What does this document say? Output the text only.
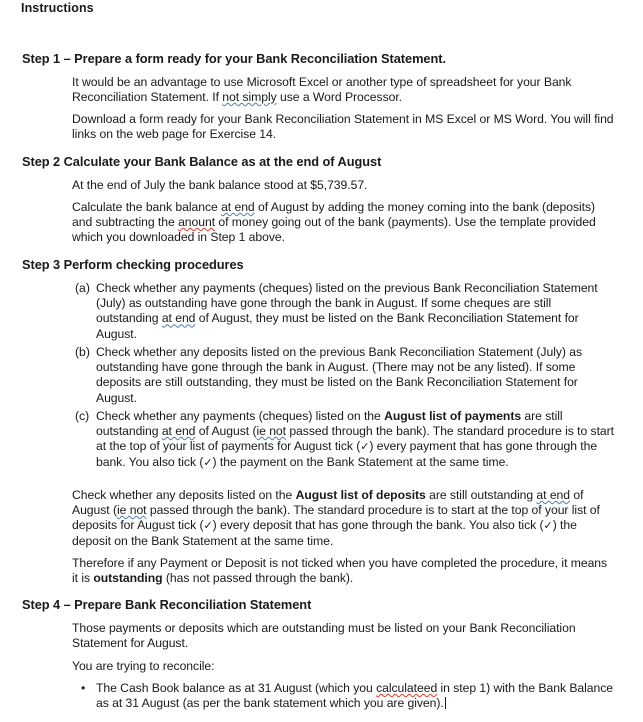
Instructions
Step 1 – Prepare a form ready for your Bank Reconciliation Statement.
It would be an advantage to use Microsoft Excel or another type of spreadsheet for your Bank Reconciliation Statement. If not simply use a Word Processor.
Download a form ready for your Bank Reconciliation Statement in MS Excel or MS Word. You will find links on the web page for Exercise 14.
Step 2 Calculate your Bank Balance as at the end of August
At the end of July the bank balance stood at $5,739.57.
Calculate the bank balance at end of August by adding the money coming into the bank (deposits) and subtracting the anount of money going out of the bank (payments). Use the template provided which you downloaded in Step 1 above.
Step 3 Perform checking procedures
(a) Check whether any payments (cheques) listed on the previous Bank Reconciliation Statement (July) as outstanding have gone through the bank in August. If some cheques are still outstanding at end of August, they must be listed on the Bank Reconciliation Statement for August.
(b) Check whether any deposits listed on the previous Bank Reconciliation Statement (July) as outstanding have gone through the bank in August. (There may not be any listed). If some deposits are still outstanding, they must be listed on the Bank Reconciliation Statement for August.
(c) Check whether any payments (cheques) listed on the August list of payments are still outstanding at end of August (ie not passed through the bank). The standard procedure is to start at the top of your list of payments for August tick (✓) every payment that has gone through the bank. You also tick (✓) the payment on the Bank Statement at the same time.
Check whether any deposits listed on the August list of deposits are still outstanding at end of August (ie not passed through the bank). The standard procedure is to start at the top of your list of deposits for August tick (✓) every deposit that has gone through the bank. You also tick (✓) the deposit on the Bank Statement at the same time.
Therefore if any Payment or Deposit is not ticked when you have completed the procedure, it means it is outstanding (has not passed through the bank).
Step 4 – Prepare Bank Reconciliation Statement
Those payments or deposits which are outstanding must be listed on your Bank Reconciliation Statement for August.
You are trying to reconcile:
• The Cash Book balance as at 31 August (which you calculateed in step 1) with the Bank Balance as at 31 August (as per the bank statement which you are given).
